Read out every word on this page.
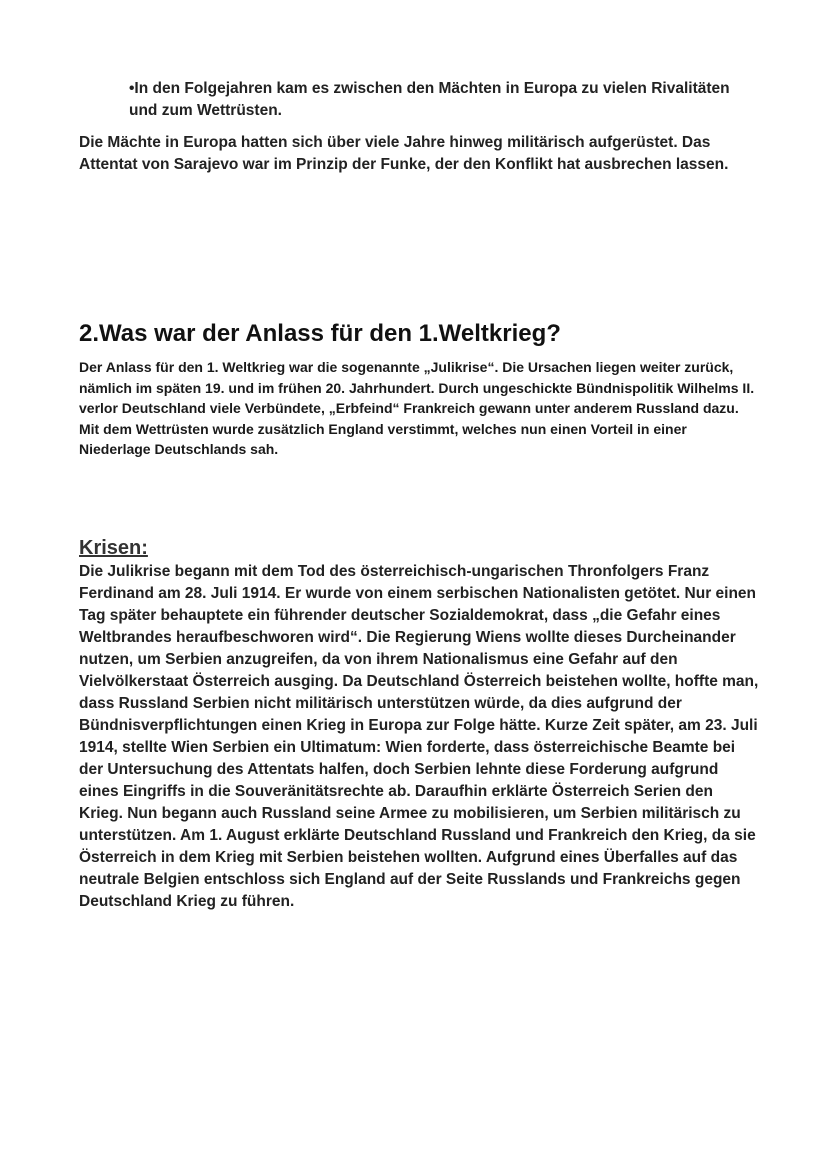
•In den Folgejahren kam es zwischen den Mächten in Europa zu vielen Rivalitäten und zum Wettrüsten.
Die Mächte in Europa hatten sich über viele Jahre hinweg militärisch aufgerüstet. Das Attentat von Sarajevo war im Prinzip der Funke, der den Konflikt hat ausbrechen lassen.
2.Was war der Anlass für den 1.Weltkrieg?
Der Anlass für den 1. Weltkrieg war die sogenannte „Julikrise“. Die Ursachen liegen weiter zurück, nämlich im späten 19. und im frühen 20. Jahrhundert. Durch ungeschickte Bündnispolitik Wilhelms II. verlor Deutschland viele Verbündete, „Erbfeind“ Frankreich gewann unter anderem Russland dazu. Mit dem Wettrüsten wurde zusätzlich England verstimmt, welches nun einen Vorteil in einer Niederlage Deutschlands sah.
Krisen:
Die Julikrise begann mit dem Tod des österreichisch-ungarischen Thronfolgers Franz Ferdinand am 28. Juli 1914. Er wurde von einem serbischen Nationalisten getötet. Nur einen Tag später behauptete ein führender deutscher Sozialdemokrat, dass „die Gefahr eines Weltbrandes heraufbeschworen wird“. Die Regierung Wiens wollte dieses Durcheinander nutzen, um Serbien anzugreifen, da von ihrem Nationalismus eine Gefahr auf den Vielvölkerstaat Österreich ausging. Da Deutschland Österreich beistehen wollte, hoffte man, dass Russland Serbien nicht militärisch unterstützen würde, da dies aufgrund der Bündnisverpflichtungen einen Krieg in Europa zur Folge hätte. Kurze Zeit später, am 23. Juli 1914, stellte Wien Serbien ein Ultimatum: Wien forderte, dass österreichische Beamte bei der Untersuchung des Attentats halfen, doch Serbien lehnte diese Forderung aufgrund eines Eingriffs in die Souveränitätsrechte ab. Daraufhin erklärte Österreich Serien den Krieg. Nun begann auch Russland seine Armee zu mobilisieren, um Serbien militärisch zu unterstützen. Am 1. August erklärte Deutschland Russland und Frankreich den Krieg, da sie Österreich in dem Krieg mit Serbien beistehen wollten. Aufgrund eines Überfalles auf das neutrale Belgien entschloss sich England auf der Seite Russlands und Frankreichs gegen Deutschland Krieg zu führen.
